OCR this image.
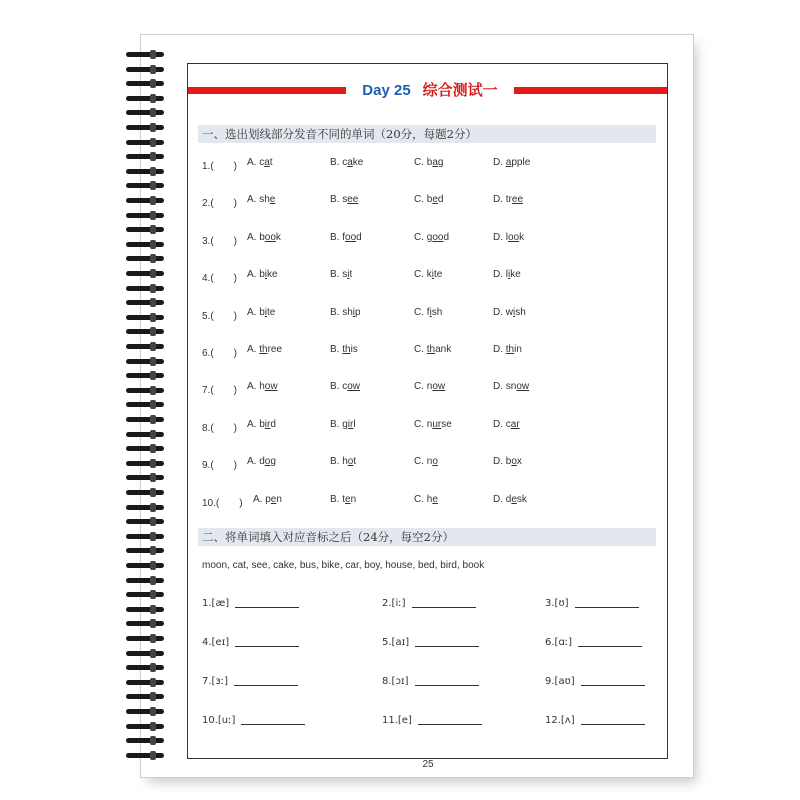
Day 25 综合测试一
一、选出划线部分发音不同的单词（20分，每题2分）
1.(　　) A. cat	B. cake	C. bag	D. apple
2.(　　) A. she	B. see	C. bed	D. tree
3.(　　) A. book	B. food	C. good	D. look
4.(　　) A. bike	B. sit	C. kite	D. like
5.(　　) A. bite	B. ship	C. fish	D. wish
6.(　　) A. three	B. this	C. thank	D. thin
7.(　　) A. how	B. cow	C. now	D. snow
8.(　　) A. bird	B. girl	C. nurse	D. car
9.(　　) A. dog	B. hot	C. no	D. box
10.(　　) A. pen	B. ten	C. he	D. desk
二、将单词填入对应音标之后（24分，每空2分）
moon, cat, see, cake, bus, bike, car, boy, house, bed, bird, book
1.[æ]	2.[iː]	3.[ʊ]
4.[eɪ]	5.[aɪ]	6.[ɑː]
7.[ɜː]	8.[ɔɪ]	9.[aʊ]
10.[uː]	11.[e]	12.[ʌ]
25
